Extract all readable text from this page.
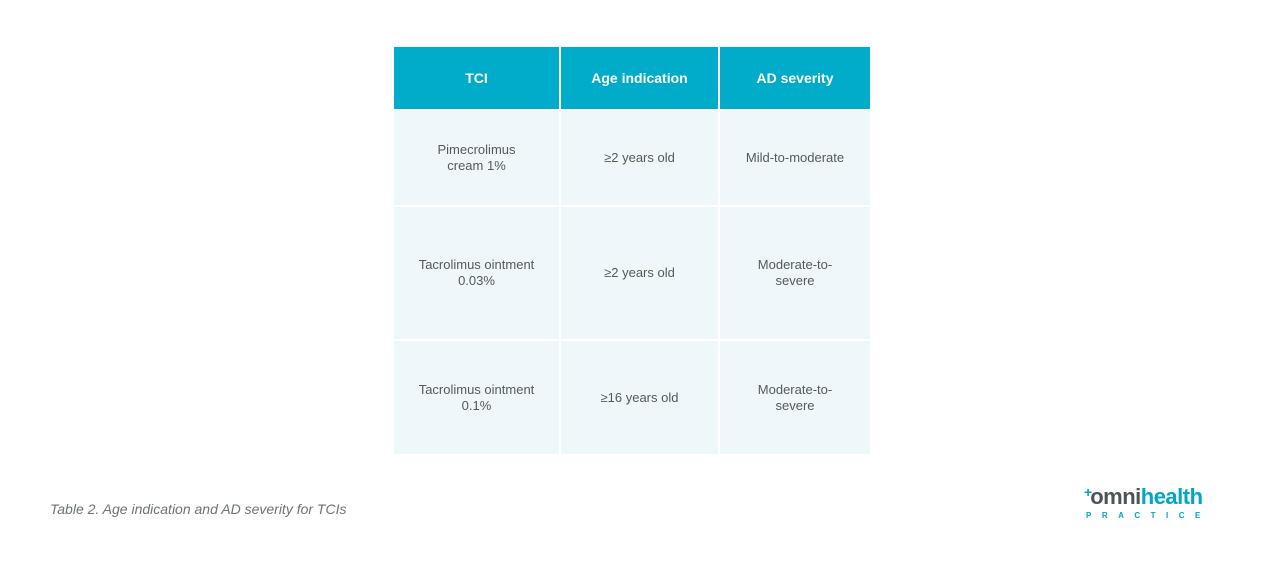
TCI	Age indication	AD severity
Pimecrolimus cream 1%	≥2 years old	Mild-to-moderate
Tacrolimus ointment 0.03%	≥2 years old	Moderate-to-severe
Tacrolimus ointment 0.1%	≥16 years old	Moderate-to-severe
Table 2. Age indication and AD severity for TCIs
+
omni health
PRACTICE
